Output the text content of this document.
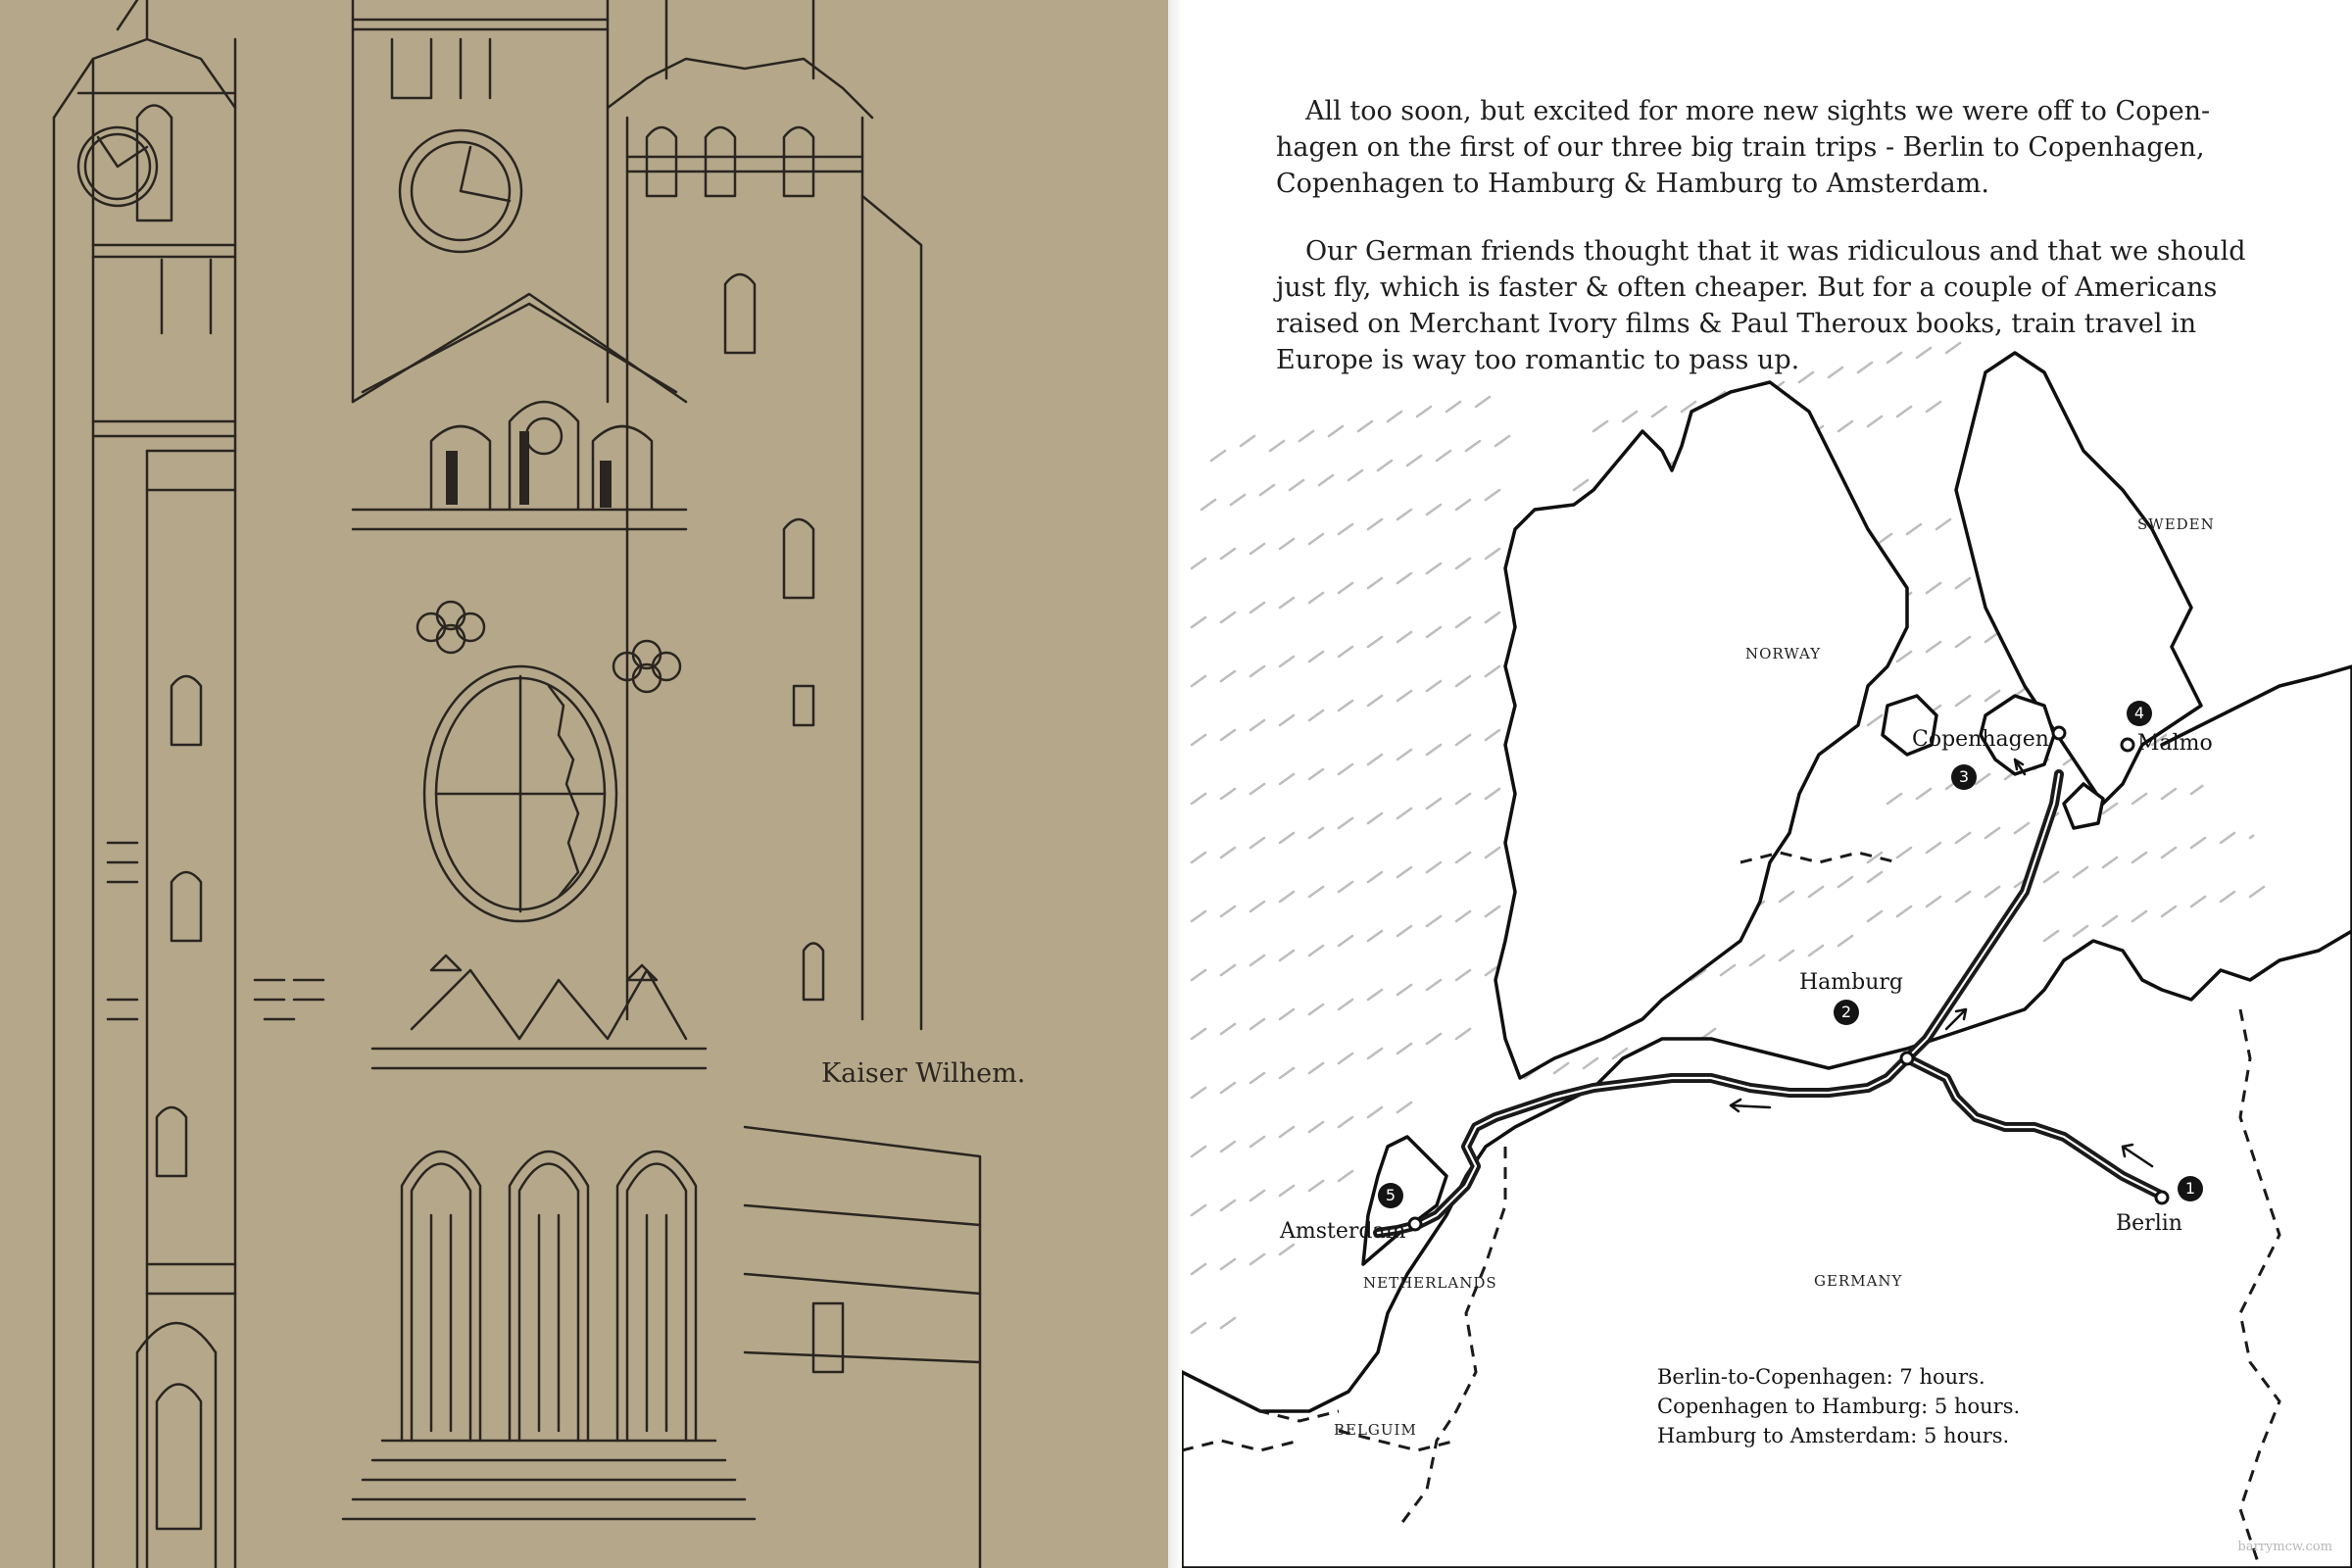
Kaiser Wilhem.
All too soon, but excited for more new sights we were off to Copen-
hagen on the first of our three big train trips - Berlin to Copenhagen,
Copenhagen to Hamburg & Hamburg to Amsterdam.
Our German friends thought that it was ridiculous and that we should
just fly, which is faster & often cheaper. But for a couple of Americans
raised on Merchant Ivory films & Paul Theroux books, train travel in
Europe is way too romantic to pass up.
SWEDEN
NORWAY
NETHERLANDS	GERMANY
BELGUIM
Copenhagen	Malmo
Hamburg
Amsterdam	Berlin
1
2
3
4
5
Berlin-to-Copenhagen: 7 hours.
Copenhagen to Hamburg: 5 hours.
Hamburg to Amsterdam: 5 hours.
barrymcw.com
